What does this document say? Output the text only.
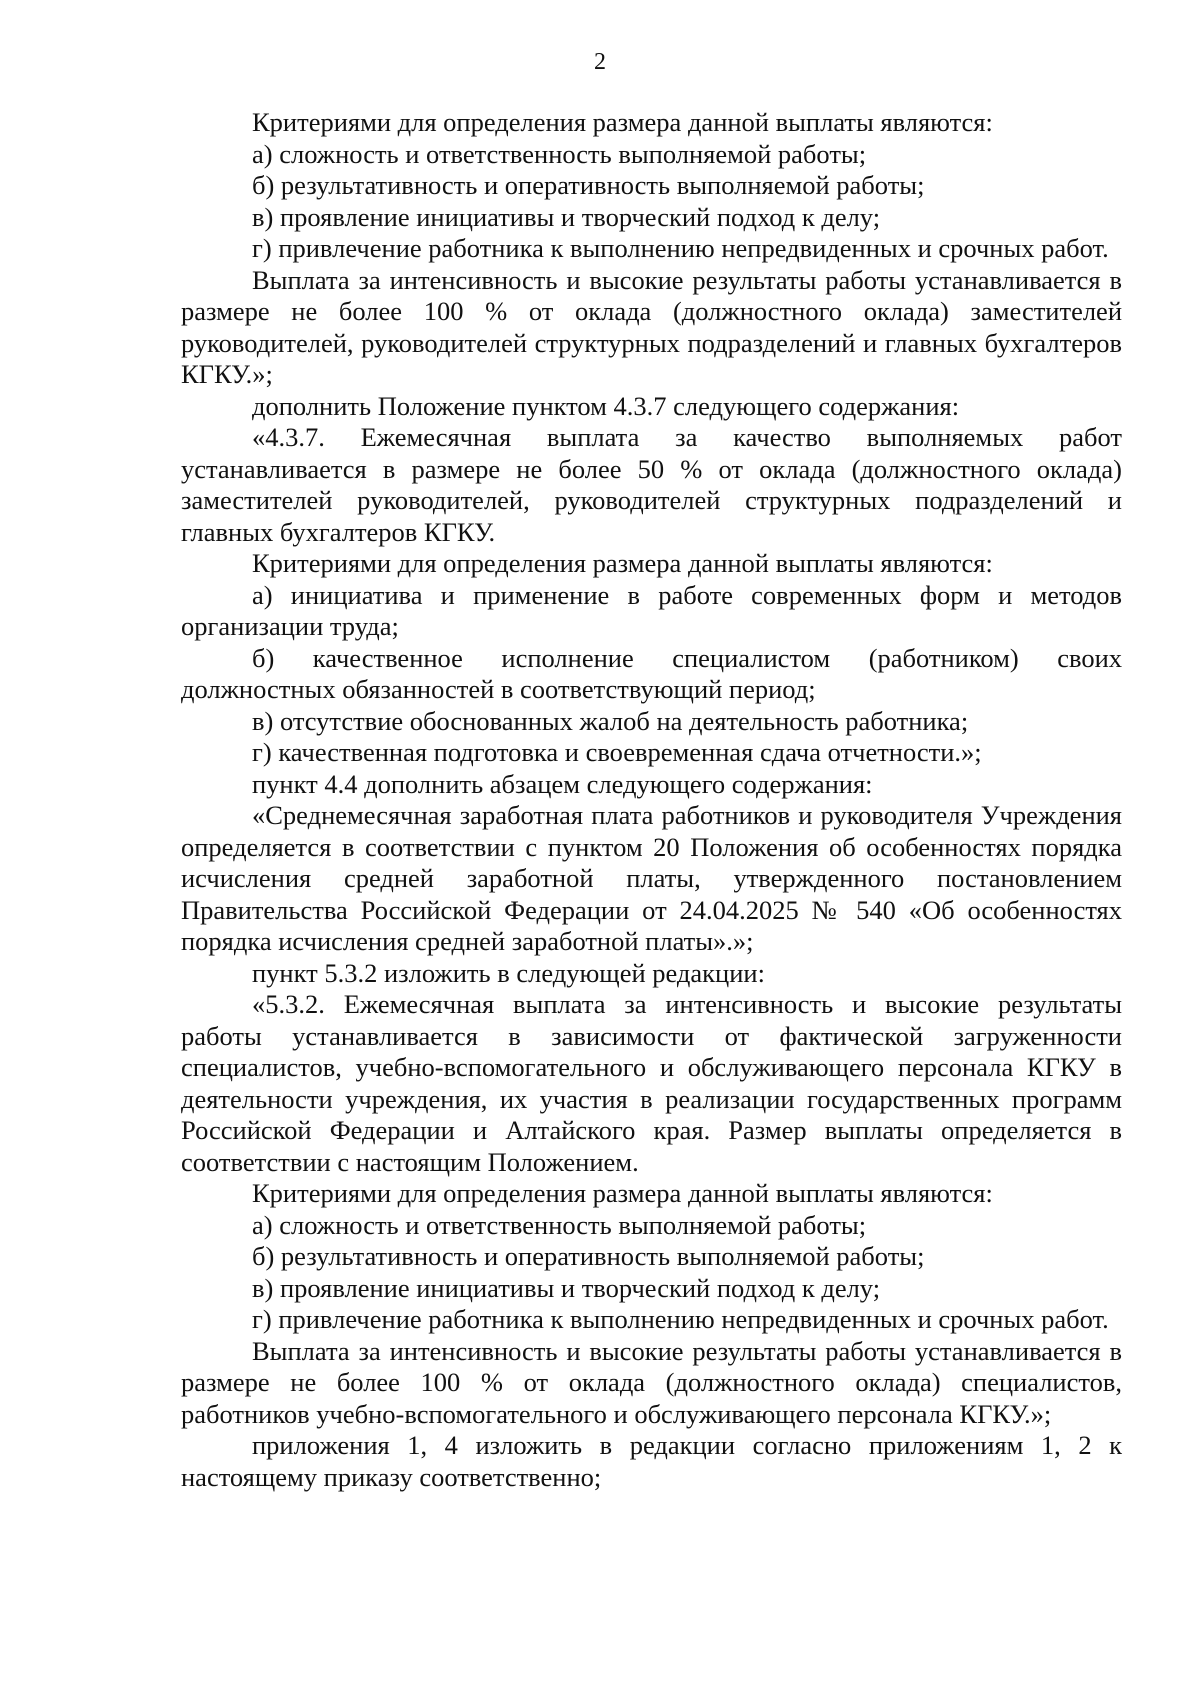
2

Критериями для определения размера данной выплаты являются:

а) сложность и ответственность выполняемой работы;

б) результативность и оперативность выполняемой работы;

в) проявление инициативы и творческий подход к делу;

г) привлечение работника к выполнению непредвиденных и срочных работ.

Выплата за интенсивность и высокие результаты работы устанавливается в размере не более 100 % от оклада (должностного оклада) заместителей руководителей, руководителей структурных подразделений и главных бухгалтеров КГКУ.»;

дополнить Положение пунктом 4.3.7 следующего содержания:

«4.3.7. Ежемесячная выплата за качество выполняемых работ устанавливается в размере не более 50 % от оклада (должностного оклада) заместителей руководителей, руководителей структурных подразделений и главных бухгалтеров КГКУ.

Критериями для определения размера данной выплаты являются:

а) инициатива и применение в работе современных форм и методов организации труда;

б) качественное исполнение специалистом (работником) своих должностных обязанностей в соответствующий период;

в) отсутствие обоснованных жалоб на деятельность работника;

г) качественная подготовка и своевременная сдача отчетности.»;

пункт 4.4 дополнить абзацем следующего содержания:

«Среднемесячная заработная плата работников и руководителя Учреждения определяется в соответствии с пунктом 20 Положения об особенностях порядка исчисления средней заработной платы, утвержденного постановлением Правительства Российской Федерации от 24.04.2025 № 540 «Об особенностях порядка исчисления средней заработной платы».»;

пункт 5.3.2 изложить в следующей редакции:

«5.3.2. Ежемесячная выплата за интенсивность и высокие результаты работы устанавливается в зависимости от фактической загруженности специалистов, учебно-вспомогательного и обслуживающего персонала КГКУ в деятельности учреждения, их участия в реализации государственных программ Российской Федерации и Алтайского края. Размер выплаты определяется в соответствии с настоящим Положением.

Критериями для определения размера данной выплаты являются:

а) сложность и ответственность выполняемой работы;

б) результативность и оперативность выполняемой работы;

в) проявление инициативы и творческий подход к делу;

г) привлечение работника к выполнению непредвиденных и срочных работ.

Выплата за интенсивность и высокие результаты работы устанавливается в размере не более 100 % от оклада (должностного оклада) специалистов, работников учебно-вспомогательного и обслуживающего персонала КГКУ.»;

приложения 1, 4 изложить в редакции согласно приложениям 1, 2 к настоящему приказу соответственно;
